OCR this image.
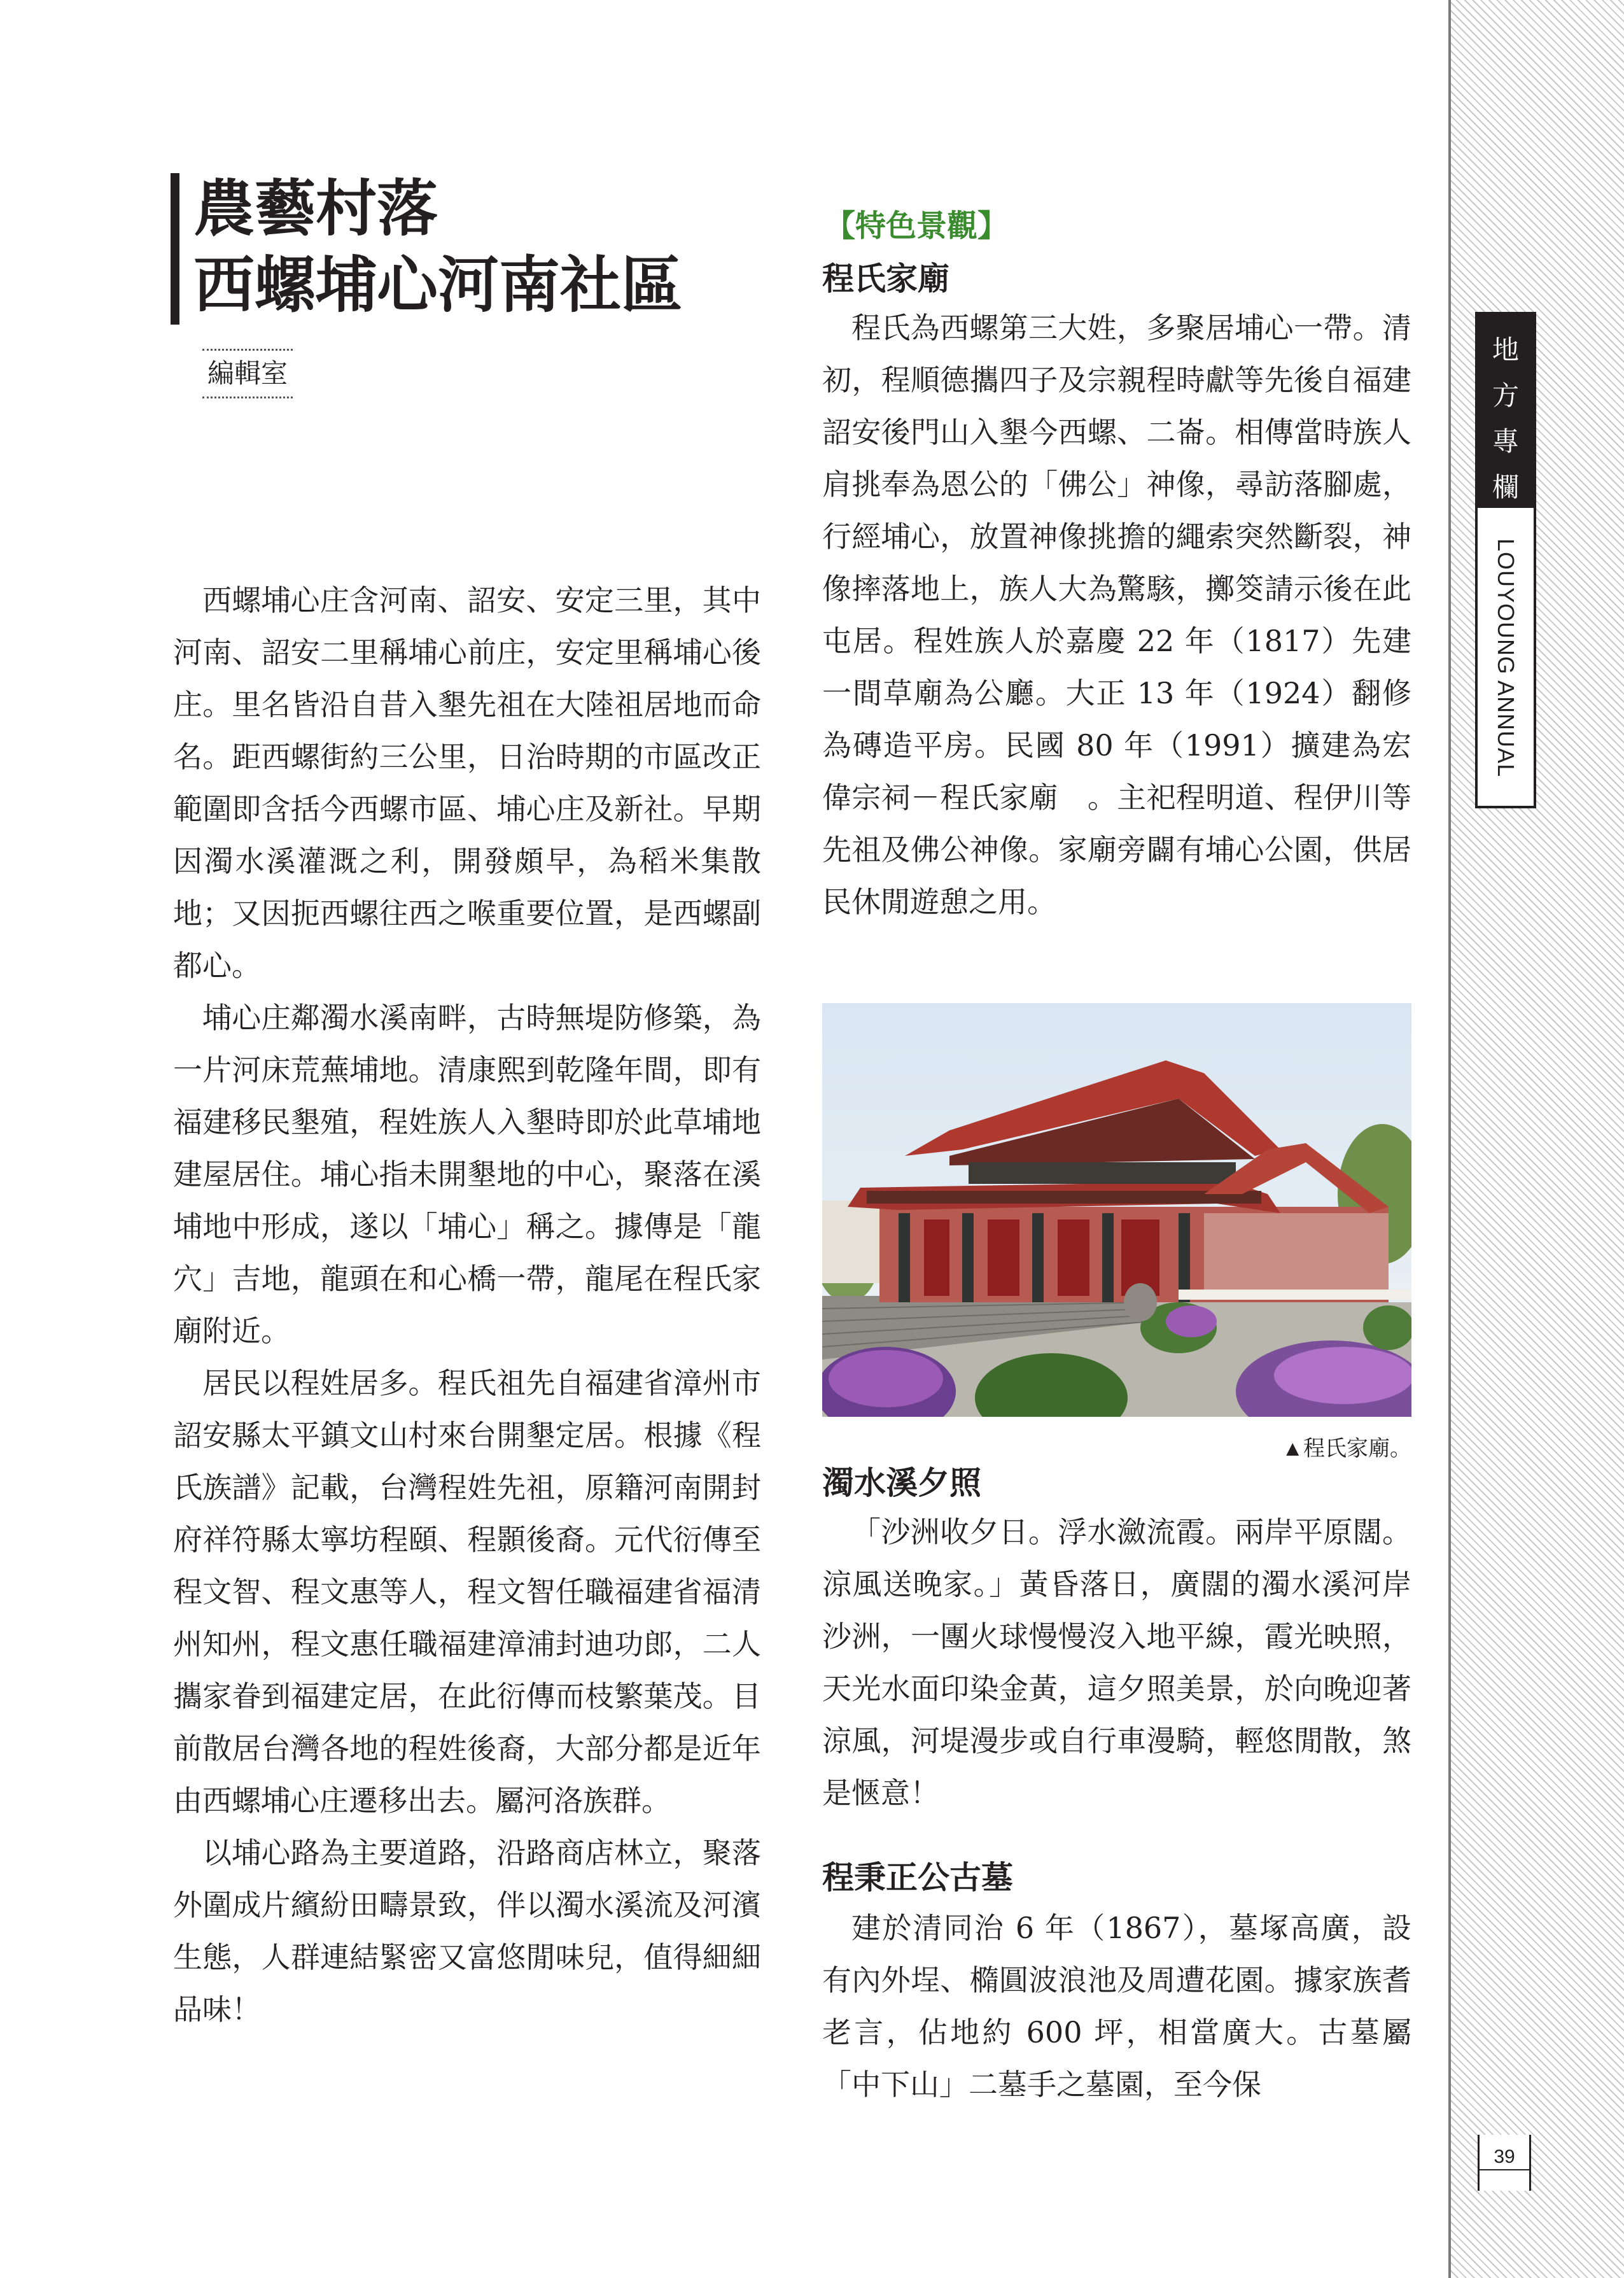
地
方
專
欄
LOUYOUNG ANNUAL
39
農藝村落
西螺埔心河南社區
編輯室

西螺埔心庄含河南、詔安、安定三里，其中河南、詔安二里稱埔心前庄，安定里稱埔心後庄。里名皆沿自昔入墾先祖在大陸祖居地而命名。距西螺街約三公里，日治時期的市區改正範圍即含括今西螺市區、埔心庄及新社。早期因濁水溪灌溉之利，開發頗早，為稻米集散地；又因扼西螺往西之喉重要位置，是西螺副都心。

埔心庄鄰濁水溪南畔，古時無堤防修築，為一片河床荒蕪埔地。清康熙到乾隆年間，即有福建移民墾殖，程姓族人入墾時即於此草埔地建屋居住。埔心指未開墾地的中心，聚落在溪埔地中形成，遂以「埔心」稱之。據傳是「龍穴」吉地，龍頭在和心橋一帶，龍尾在程氏家廟附近。

居民以程姓居多。程氏祖先自福建省漳州市詔安縣太平鎮文山村來台開墾定居。根據《程氏族譜》記載，台灣程姓先祖，原籍河南開封府祥符縣太寧坊程頤、程顥後裔。元代衍傳至程文智、程文惠等人，程文智任職福建省福清州知州，程文惠任職福建漳浦封迪功郎，二人攜家眷到福建定居，在此衍傳而枝繁葉茂。目前散居台灣各地的程姓後裔，大部分都是近年由西螺埔心庄遷移出去。屬河洛族群。

以埔心路為主要道路，沿路商店林立，聚落外圍成片繽紛田疇景致，伴以濁水溪流及河濱生態，人群連結緊密又富悠閒味兒，值得細細品味！

【特色景觀】
程氏家廟

程氏為西螺第三大姓，多聚居埔心一帶。清初，程順德攜四子及宗親程時獻等先後自福建詔安後門山入墾今西螺、二崙。相傳當時族人肩挑奉為恩公的「佛公」神像，尋訪落腳處，行經埔心，放置神像挑擔的繩索突然斷裂，神像摔落地上，族人大為驚駭，擲筊請示後在此屯居。程姓族人於嘉慶 22 年（1817）先建一間草廟為公廳。大正 13 年（1924）翻修為磚造平房。民國 80 年（1991）擴建為宏偉宗祠－程氏家廟　。主祀程明道、程伊川等先祖及佛公神像。家廟旁闢有埔心公園，供居民休閒遊憩之用。

▲程氏家廟。
濁水溪夕照

「沙洲收夕日。浮水瀲流霞。兩岸平原闊。涼風送晚家。」黃昏落日，廣闊的濁水溪河岸沙洲，一團火球慢慢沒入地平線，霞光映照，天光水面印染金黃，這夕照美景，於向晚迎著涼風，河堤漫步或自行車漫騎，輕悠閒散，煞是愜意！

程秉正公古墓

建於清同治 6 年（1867），墓塚高廣，設有內外埕、橢圓波浪池及周遭花園。據家族耆老言，佔地約 600 坪，相當廣大。古墓屬「中下山」二墓手之墓園，至今保
